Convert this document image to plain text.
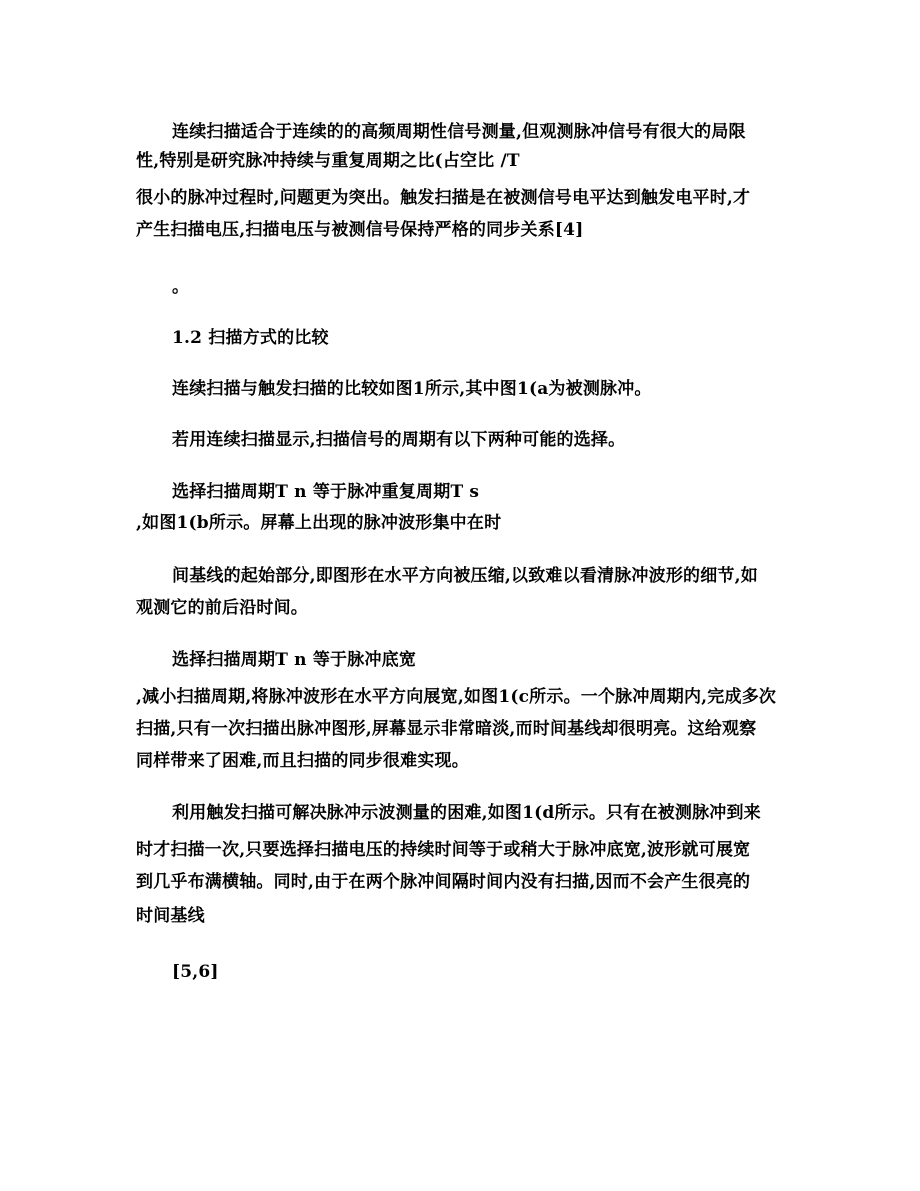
连续扫描适合于连续的的高频周期性信号测量,但观测脉冲信号有很大的局限
性,特别是研究脉冲持续与重复周期之比(占空比 /T
很小的脉冲过程时,问题更为突出。触发扫描是在被测信号电平达到触发电平时,才
产生扫描电压,扫描电压与被测信号保持严格的同步关系[4]
。
1.2 扫描方式的比较
连续扫描与触发扫描的比较如图1所示,其中图1(a为被测脉冲。
若用连续扫描显示,扫描信号的周期有以下两种可能的选择。
选择扫描周期T n 等于脉冲重复周期T s
,如图1(b所示。屏幕上出现的脉冲波形集中在时
间基线的起始部分,即图形在水平方向被压缩,以致难以看清脉冲波形的细节,如
观测它的前后沿时间。
选择扫描周期T n 等于脉冲底宽
,减小扫描周期,将脉冲波形在水平方向展宽,如图1(c所示。一个脉冲周期内,完成多次
扫描,只有一次扫描出脉冲图形,屏幕显示非常暗淡,而时间基线却很明亮。这给观察
同样带来了困难,而且扫描的同步很难实现。
利用触发扫描可解决脉冲示波测量的困难,如图1(d所示。只有在被测脉冲到来
时才扫描一次,只要选择扫描电压的持续时间等于或稍大于脉冲底宽,波形就可展宽
到几乎布满横轴。同时,由于在两个脉冲间隔时间内没有扫描,因而不会产生很亮的
时间基线
[5,6]
